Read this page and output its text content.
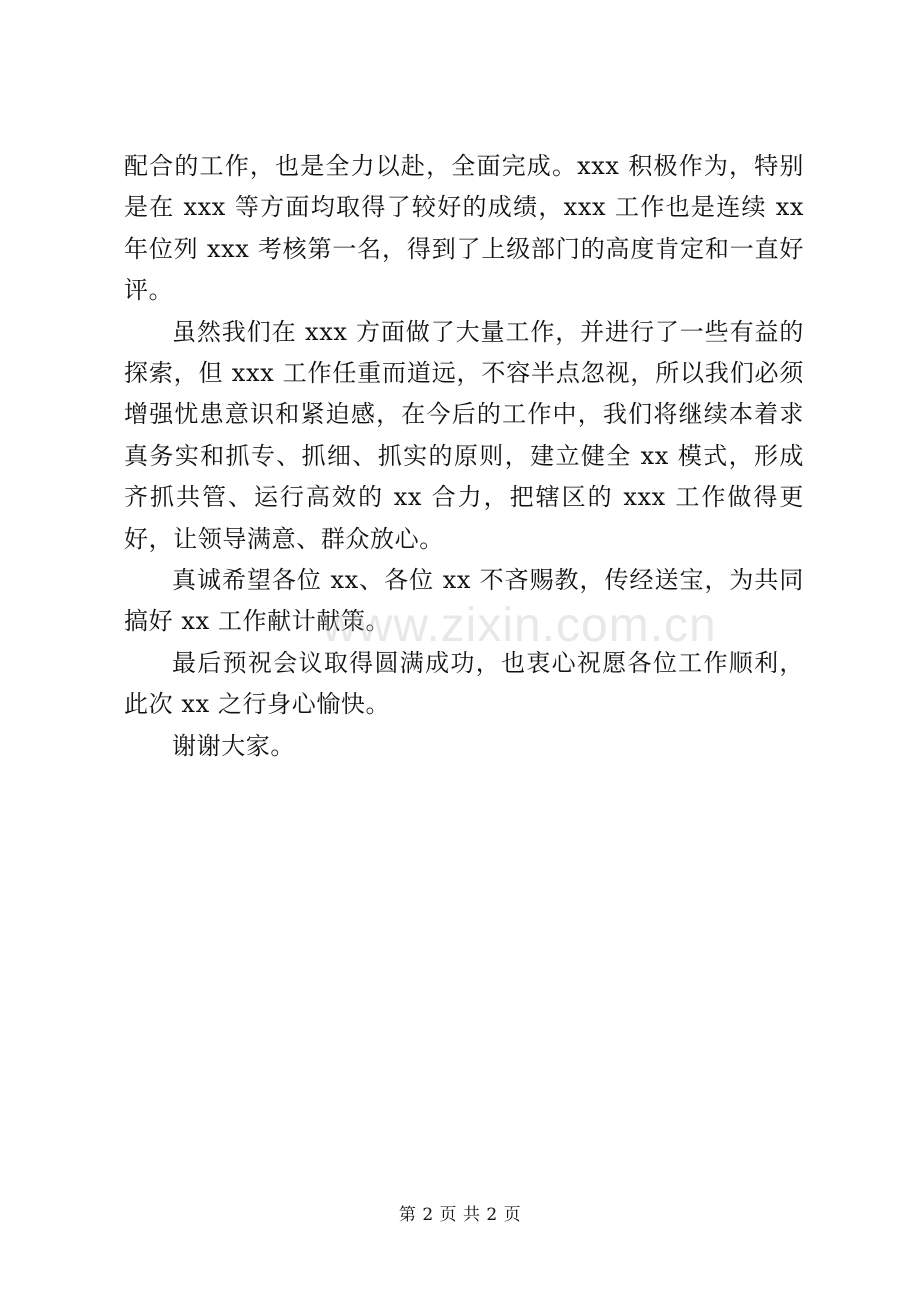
配合的工作，也是全力以赴，全面完成。xxx 积极作为，特别是在 xxx 等方面均取得了较好的成绩，xxx 工作也是连续 xx 年位列 xxx 考核第一名，得到了上级部门的高度肯定和一直好评。

虽然我们在 xxx 方面做了大量工作，并进行了一些有益的探索，但 xxx 工作任重而道远，不容半点忽视，所以我们必须增强忧患意识和紧迫感，在今后的工作中，我们将继续本着求真务实和抓专、抓细、抓实的原则，建立健全 xx 模式，形成齐抓共管、运行高效的 xx 合力，把辖区的 xxx 工作做得更好，让领导满意、群众放心。

真诚希望各位 xx、各位 xx 不吝赐教，传经送宝，为共同搞好 xx 工作献计献策。

最后预祝会议取得圆满成功，也衷心祝愿各位工作顺利，此次 xx 之行身心愉快。

谢谢大家。

www.zixin.com.cn
第 2 页 共 2 页
